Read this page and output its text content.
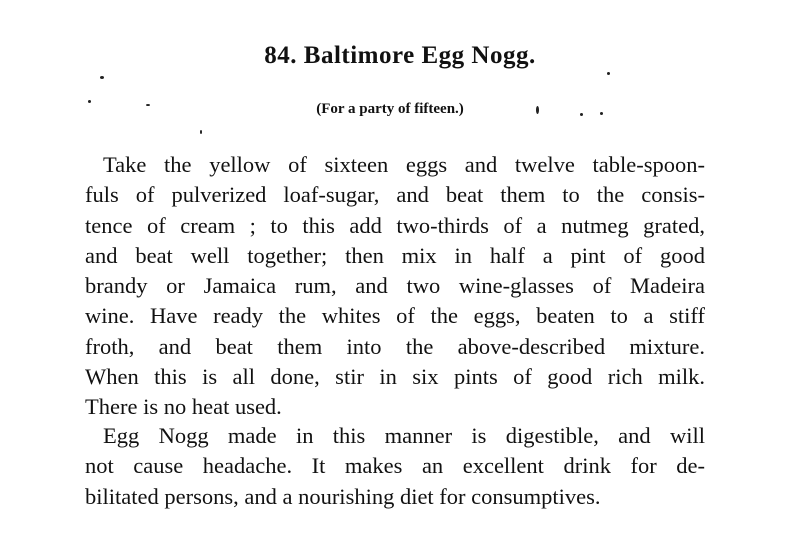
84. Baltimore Egg Nogg.
(For a party of fifteen.)
Take the yellow of sixteen eggs and twelve table-spoon-
fuls of pulverized loaf-sugar, and beat them to the consis-
tence of cream ; to this add two-thirds of a nutmeg grated,
and beat well together; then mix in half a pint of good
brandy or Jamaica rum, and two wine-glasses of Madeira
wine. Have ready the whites of the eggs, beaten to a stiff
froth, and beat them into the above-described mixture.
When this is all done, stir in six pints of good rich milk.
There is no heat used.
Egg Nogg made in this manner is digestible, and will
not cause headache. It makes an excellent drink for de-
bilitated persons, and a nourishing diet for consumptives.
